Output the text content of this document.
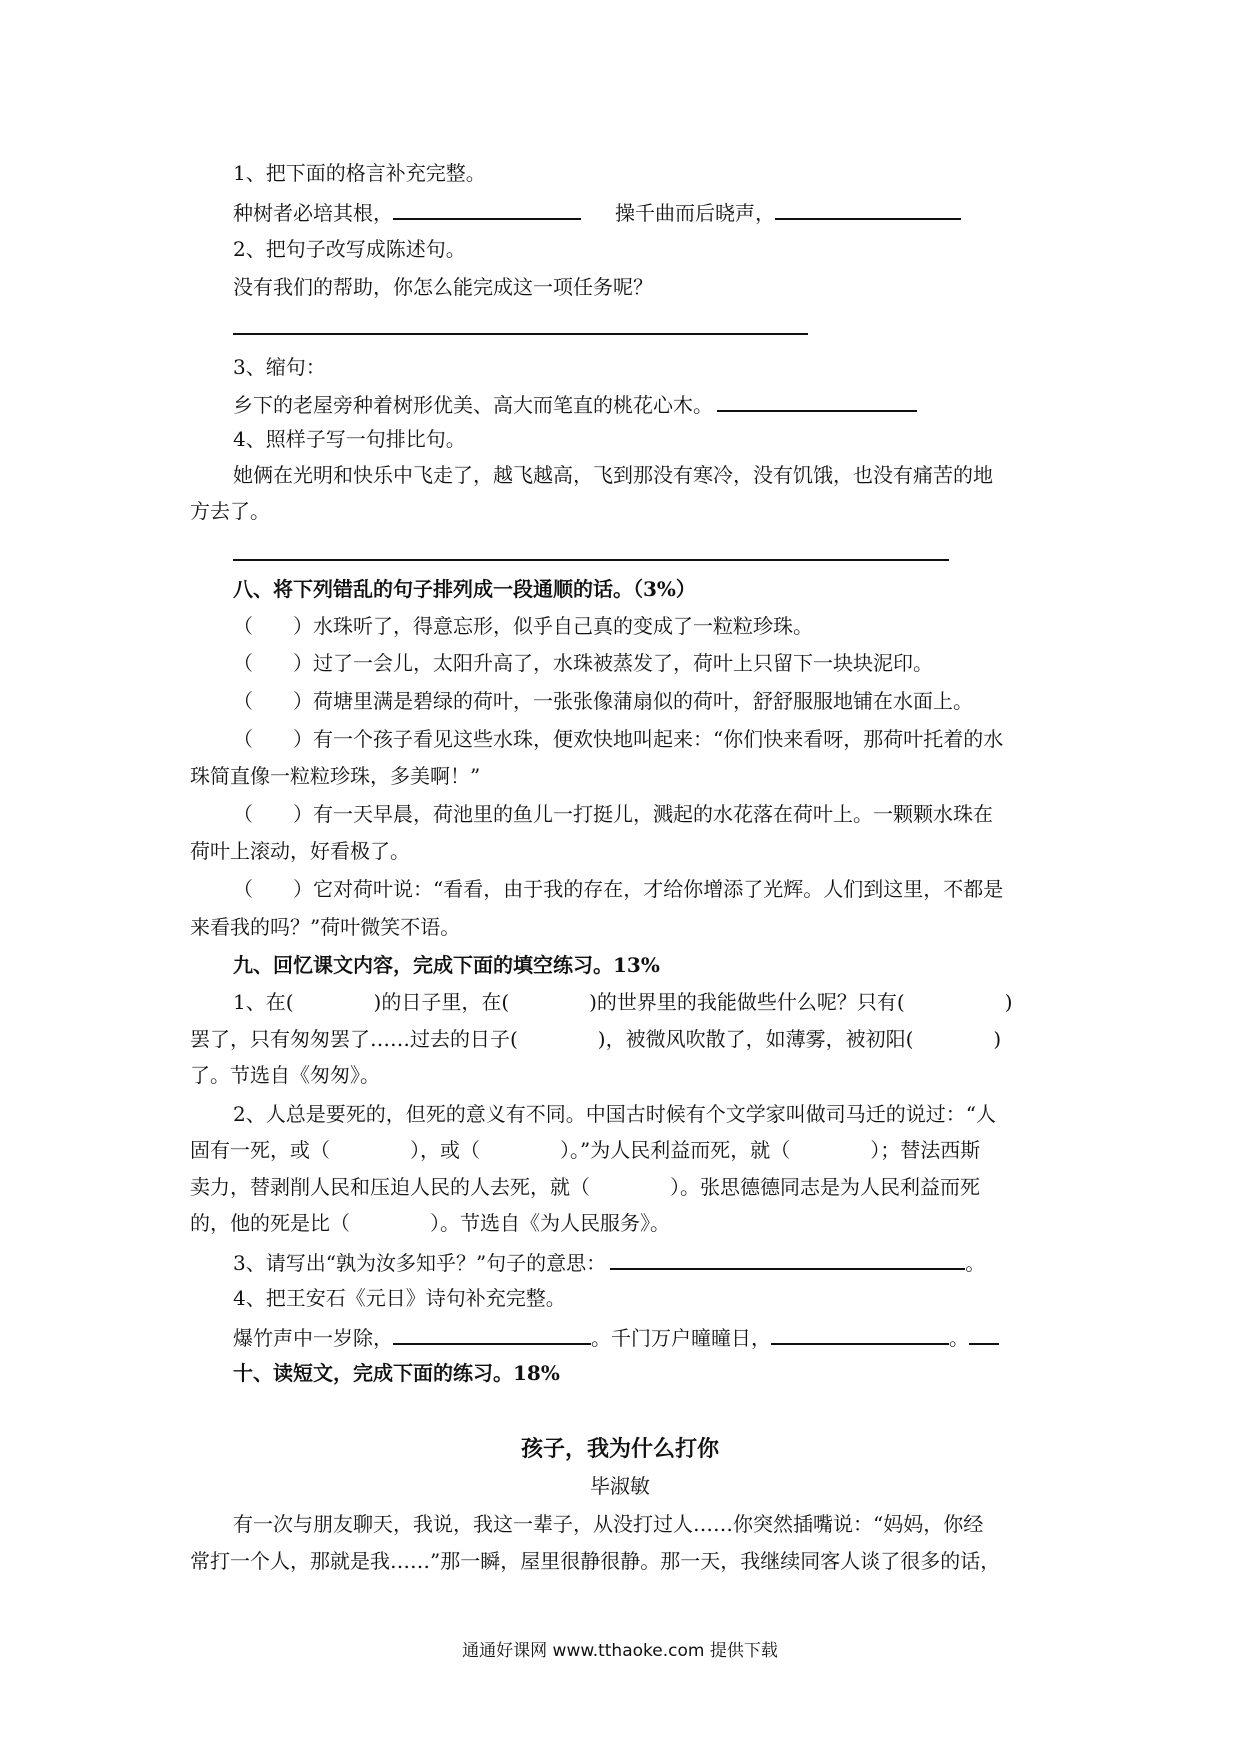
1、把下面的格言补充完整。
种树者必培其根，	操千曲而后晓声，
2、把句子改写成陈述句。
没有我们的帮助，你怎么能完成这一项任务呢？
3、缩句：
乡下的老屋旁种着树形优美、高大而笔直的桃花心木。
4、照样子写一句排比句。
她俩在光明和快乐中飞走了，越飞越高，飞到那没有寒冷，没有饥饿，也没有痛苦的地
方去了。
八、将下列错乱的句子排列成一段通顺的话。（3%）
（　　）水珠听了，得意忘形，似乎自己真的变成了一粒粒珍珠。
（　　）过了一会儿，太阳升高了，水珠被蒸发了，荷叶上只留下一块块泥印。
（　　）荷塘里满是碧绿的荷叶，一张张像蒲扇似的荷叶，舒舒服服地铺在水面上。
（　　）有一个孩子看见这些水珠，便欢快地叫起来：“你们快来看呀，那荷叶托着的水
珠简直像一粒粒珍珠，多美啊！”
（　　）有一天早晨，荷池里的鱼儿一打挺儿，溅起的水花落在荷叶上。一颗颗水珠在
荷叶上滚动，好看极了。
（　　）它对荷叶说：“看看，由于我的存在，才给你增添了光辉。人们到这里，不都是
来看我的吗？”荷叶微笑不语。
九、回忆课文内容，完成下面的填空练习。13%
1、在(　　　　)的日子里，在(　　　　)的世界里的我能做些什么呢？只有(　　　　　)
罢了，只有匆匆罢了……过去的日子(　　　　)，被微风吹散了，如薄雾，被初阳(　　　　)
了。节选自《匆匆》。
2、人总是要死的，但死的意义有不同。中国古时候有个文学家叫做司马迁的说过：“人
固有一死，或（　　　　），或（　　　　）。”为人民利益而死，就（　　　　）；替法西斯
卖力，替剥削人民和压迫人民的人去死，就（　　　　）。张思德德同志是为人民利益而死
的，他的死是比（　　　　）。节选自《为人民服务》。
3、请写出“孰为汝多知乎？”句子的意思：	。
4、把王安石《元日》诗句补充完整。
爆竹声中一岁除，	。千门万户曈曈日，	。
十、读短文，完成下面的练习。18%
孩子，我为什么打你
毕淑敏
有一次与朋友聊天，我说，我这一辈子，从没打过人……你突然插嘴说：“妈妈，你经
常打一个人，那就是我……”那一瞬，屋里很静很静。那一天，我继续同客人谈了很多的话，
通通好课网 www.tthaoke.com 提供下载
